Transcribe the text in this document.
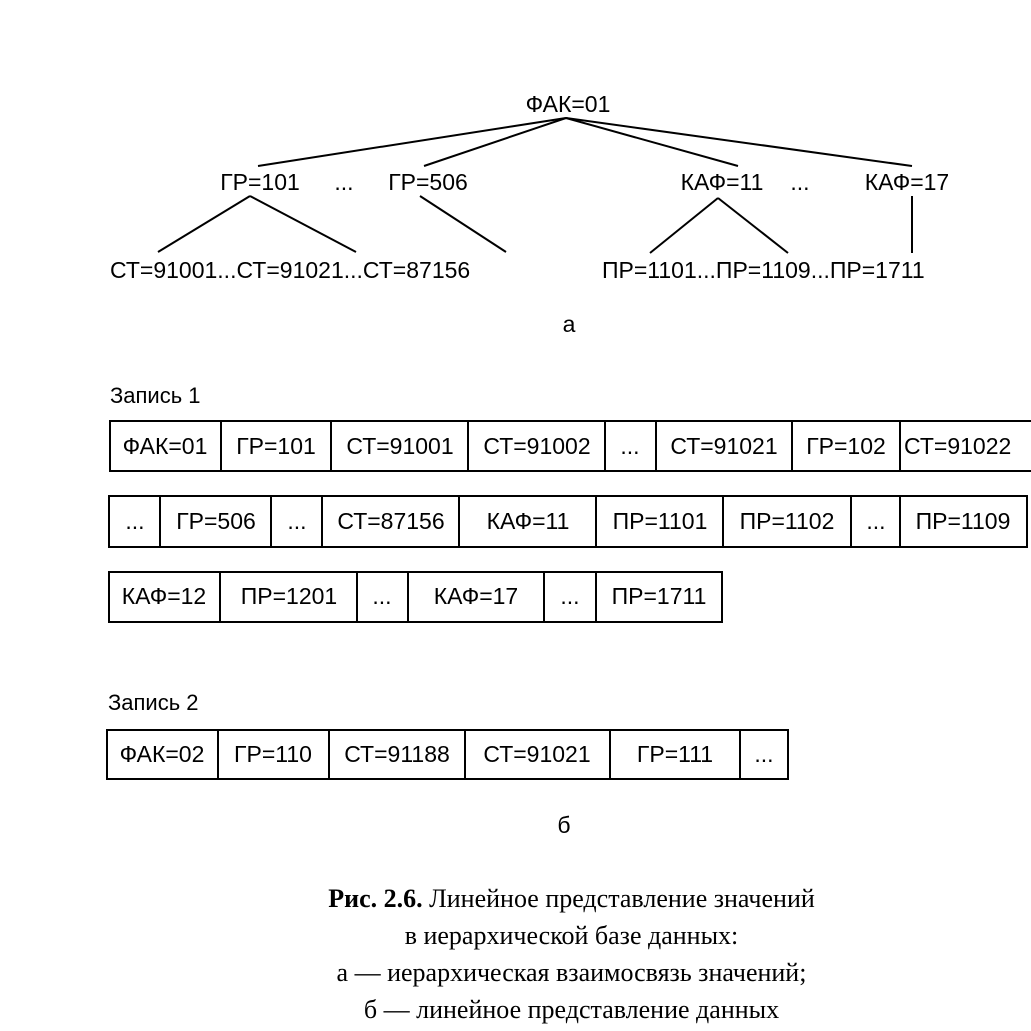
ФАК=01
ГР=101 ... ГР=506	КАФ=11 ... КАФ=17
СТ=91001...СТ=91021...СТ=87156	ПР=1101...ПР=1109...ПР=1711
а
Запись 1
ФАК=01 ГР=101 СТ=91001 СТ=91002 ... СТ=91021 ГР=102 СТ=91022
... ГР=506 ... СТ=87156 КАФ=11 ПР=1101 ПР=1102 ... ПР=1109
КАФ=12 ПР=1201 ... КАФ=17 ... ПР=1711
Запись 2
ФАК=02 ГР=110 СТ=91188 СТ=91021 ГР=111 ...
б
Рис. 2.6. Линейное представление значений
в иерархической базе данных:
а — иерархическая взаимосвязь значений;
б — линейное представление данных
